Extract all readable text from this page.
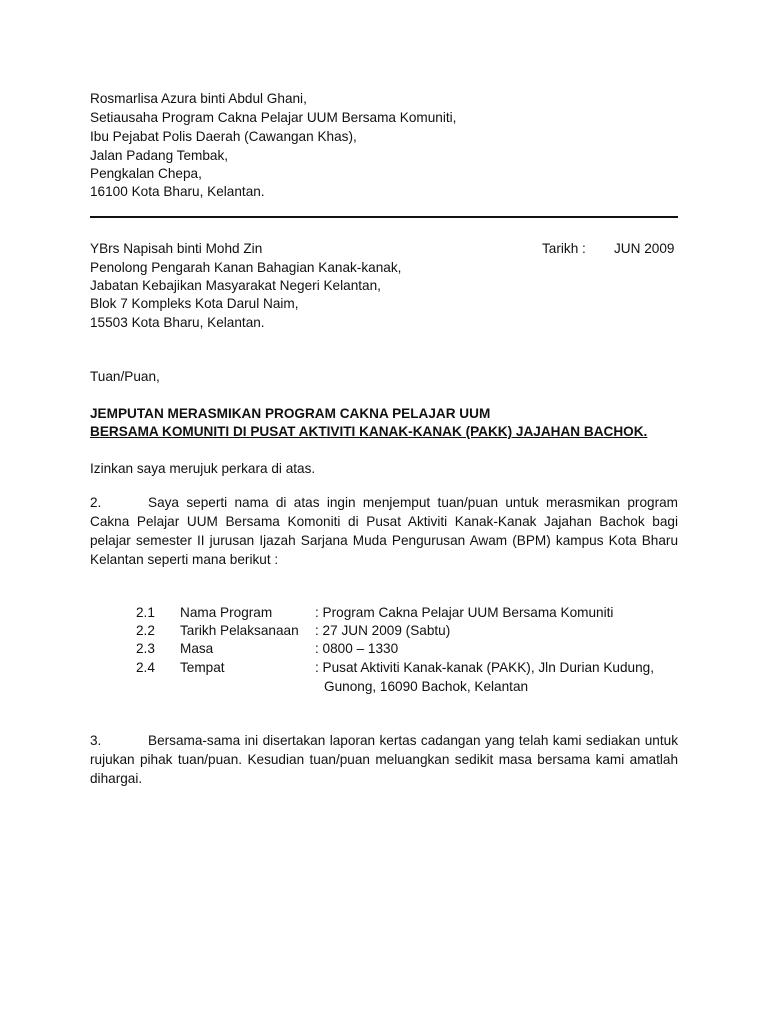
Rosmarlisa Azura binti Abdul Ghani,
Setiausaha Program Cakna Pelajar UUM Bersama Komuniti,
Ibu Pejabat Polis Daerah (Cawangan Khas),
Jalan Padang Tembak,
Pengkalan Chepa,
16100 Kota Bharu, Kelantan.
YBrs Napisah binti Mohd Zin
Penolong Pengarah Kanan Bahagian Kanak-kanak,
Jabatan Kebajikan Masyarakat Negeri Kelantan,
Blok 7 Kompleks Kota Darul Naim,
15503 Kota Bharu, Kelantan.
Tarikh : JUN 2009
Tuan/Puan,
JEMPUTAN MERASMIKAN PROGRAM CAKNA PELAJAR UUM
BERSAMA KOMUNITI DI PUSAT AKTIVITI KANAK-KANAK (PAKK) JAJAHAN BACHOK.
Izinkan saya merujuk perkara di atas.
2.	Saya seperti nama di atas ingin menjemput tuan/puan untuk merasmikan program
Cakna Pelajar UUM Bersama Komoniti di Pusat Aktiviti Kanak-Kanak Jajahan Bachok bagi
pelajar semester II jurusan Ijazah Sarjana Muda Pengurusan Awam (BPM) kampus Kota Bharu
Kelantan seperti mana berikut :
2.1 Nama Program	: Program Cakna Pelajar UUM Bersama Komuniti
2.2 Tarikh Pelaksanaan : 27 JUN 2009 (Sabtu)
2.3 Masa	: 0800 – 1330
2.4 Tempat	: Pusat Aktiviti Kanak-kanak (PAKK), Jln Durian Kudung,
Gunong, 16090 Bachok, Kelantan
3.	Bersama-sama ini disertakan laporan kertas cadangan yang telah kami sediakan untuk
rujukan pihak tuan/puan. Kesudian tuan/puan meluangkan sedikit masa bersama kami amatlah
dihargai.
